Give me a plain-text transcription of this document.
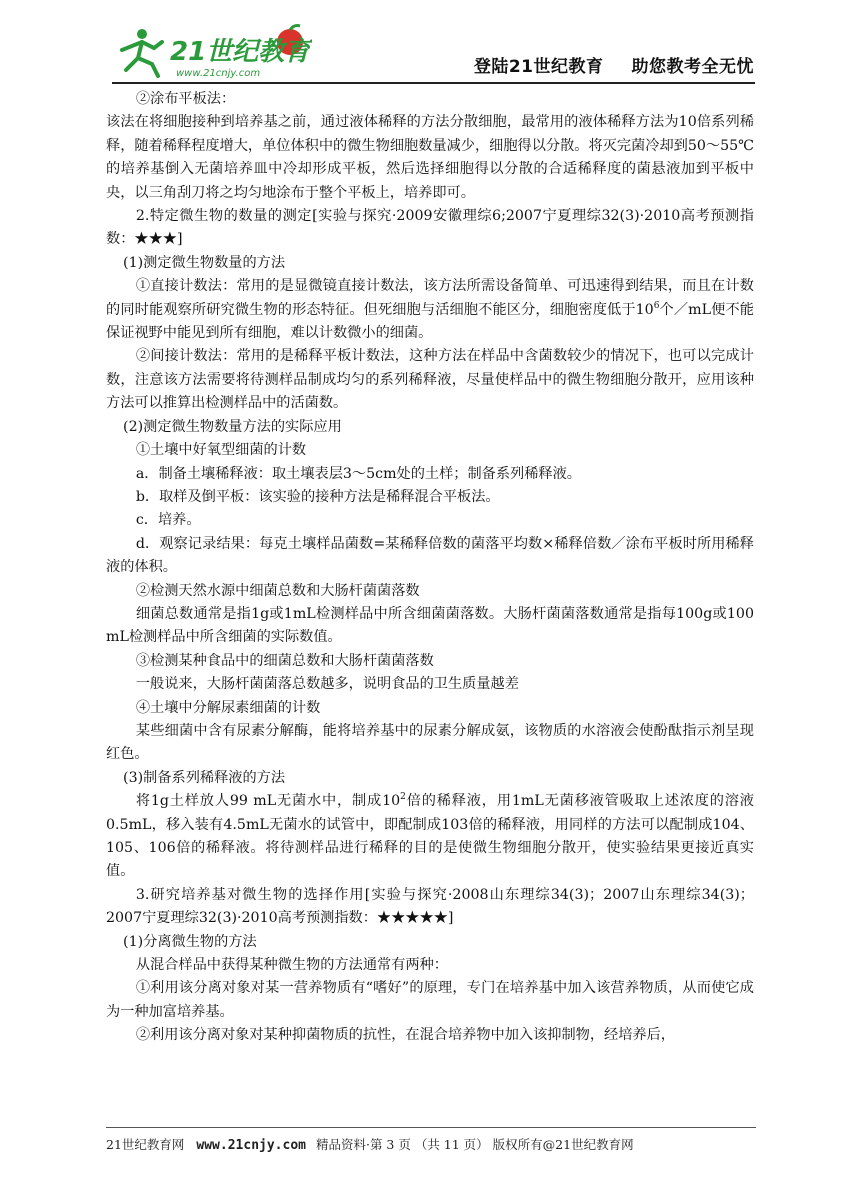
21世纪教育
www.21cnjy.com	登陆21世纪教育 助您教考全无忧

②涂布平板法：

该法在将细胞接种到培养基之前，通过液体稀释的方法分散细胞，最常用的液体稀释方法为10倍系列稀释，随着稀释程度增大，单位体积中的微生物细胞数量减少，细胞得以分散。将灭完菌冷却到50～55℃的培养基倒入无菌培养皿中冷却形成平板，然后选择细胞得以分散的合适稀释度的菌悬液加到平板中央，以三角刮刀将之均匀地涂布于整个平板上，培养即可。

2.特定微生物的数量的测定[实验与探究·2009安徽理综6;2007宁夏理综32(3)·2010高考预测指数：★★★]

(1)测定微生物数量的方法

①直接计数法：常用的是显微镜直接计数法，该方法所需设备简单、可迅速得到结果，而且在计数的同时能观察所研究微生物的形态特征。但死细胞与活细胞不能区分，细胞密度低于$10^6$个／mL便不能保证视野中能见到所有细胞，难以计数微小的细菌。

②间接计数法：常用的是稀释平板计数法，这种方法在样品中含菌数较少的情况下，也可以完成计数，注意该方法需要将待测样品制成均匀的系列稀释液，尽量使样品中的微生物细胞分散开，应用该种方法可以推算出检测样品中的活菌数。

(2)测定微生物数量方法的实际应用

①土壤中好氧型细菌的计数

a．制备土壤稀释液：取土壤表层3～5cm处的土样；制备系列稀释液。

b．取样及倒平板：该实验的接种方法是稀释混合平板法。

c．培养。

d．观察记录结果：每克土壤样品菌数=某稀释倍数的菌落平均数×稀释倍数／涂布平板时所用稀释液的体积。

②检测天然水源中细菌总数和大肠杆菌菌落数

细菌总数通常是指1g或1mL检测样品中所含细菌菌落数。大肠杆菌菌落数通常是指每100g或100 mL检测样品中所含细菌的实际数值。

③检测某种食品中的细菌总数和大肠杆菌菌落数

一般说来，大肠杆菌菌落总数越多，说明食品的卫生质量越差

④土壤中分解尿素细菌的计数

某些细菌中含有尿素分解酶，能将培养基中的尿素分解成氨，该物质的水溶液会使酚酞指示剂呈现红色。

(3)制备系列稀释液的方法

将1g土样放人99 mL无菌水中，制成$10^2$倍的稀释液，用1mL无菌移液管吸取上述浓度的溶液0.5mL，移入装有4.5mL无菌水的试管中，即配制成103倍的稀释液，用同样的方法可以配制成104、105、106倍的稀释液。将待测样品进行稀释的目的是使微生物细胞分散开，使实验结果更接近真实值。

3.研究培养基对微生物的选择作用[实验与探究·2008山东理综34(3)；2007山东理综34(3)；2007宁夏理综32(3)·2010高考预测指数：★★★★★]

(1)分离微生物的方法

从混合样品中获得某种微生物的方法通常有两种：

①利用该分离对象对某一营养物质有“嗜好”的原理，专门在培养基中加入该营养物质，从而使它成为一种加富培养基。

②利用该分离对象对某种抑菌物质的抗性，在混合培养物中加入该抑制物，经培养后，

21世纪教育网 www.21cnjy.com 精品资料·第 3 页 （共 11 页） 版权所有@21世纪教育网
